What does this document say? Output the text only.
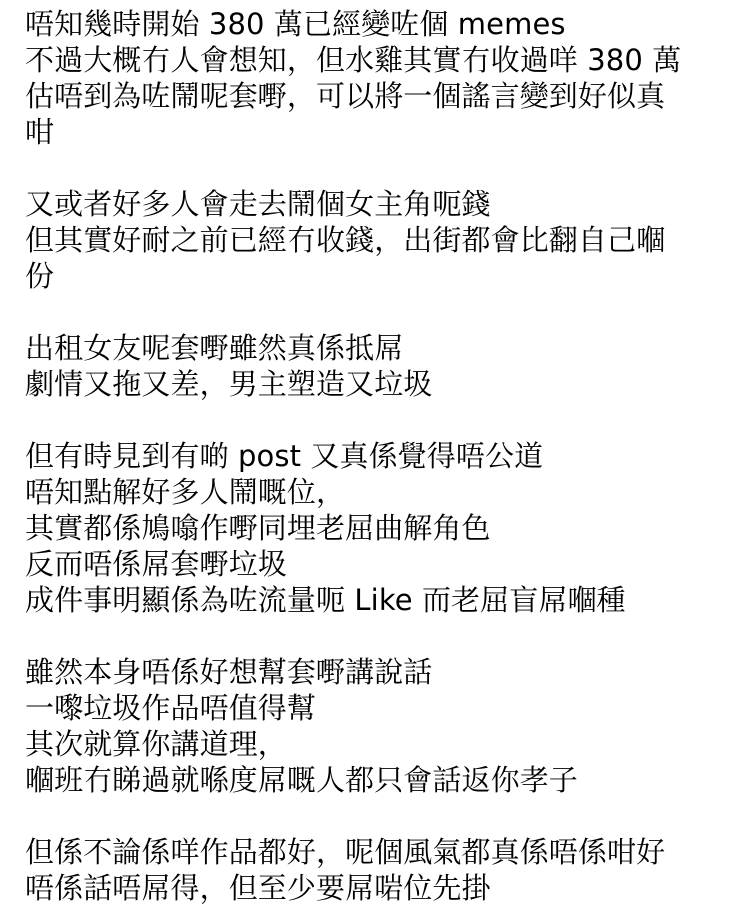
唔知幾時開始 380 萬已經變咗個 memes
不過大概冇人會想知，但水雞其實冇收過咩 380 萬
估唔到為咗鬧呢套嘢，可以將一個謠言變到好似真
咁
又或者好多人會走去鬧個女主角呃錢
但其實好耐之前已經冇收錢，出街都會比翻自己嗰
份
出租女友呢套嘢雖然真係抵屌
劇情又拖又差，男主塑造又垃圾
但有時見到有啲 post 又真係覺得唔公道
唔知點解好多人鬧嘅位，
其實都係鳩噏作嘢同埋老屈曲解角色
反而唔係屌套嘢垃圾
成件事明顯係為咗流量呃 Like 而老屈盲屌嗰種
雖然本身唔係好想幫套嘢講說話
一嚟垃圾作品唔值得幫
其次就算你講道理，
嗰班冇睇過就喺度屌嘅人都只會話返你孝子
但係不論係咩作品都好，呢個風氣都真係唔係咁好
唔係話唔屌得，但至少要屌啱位先掛
